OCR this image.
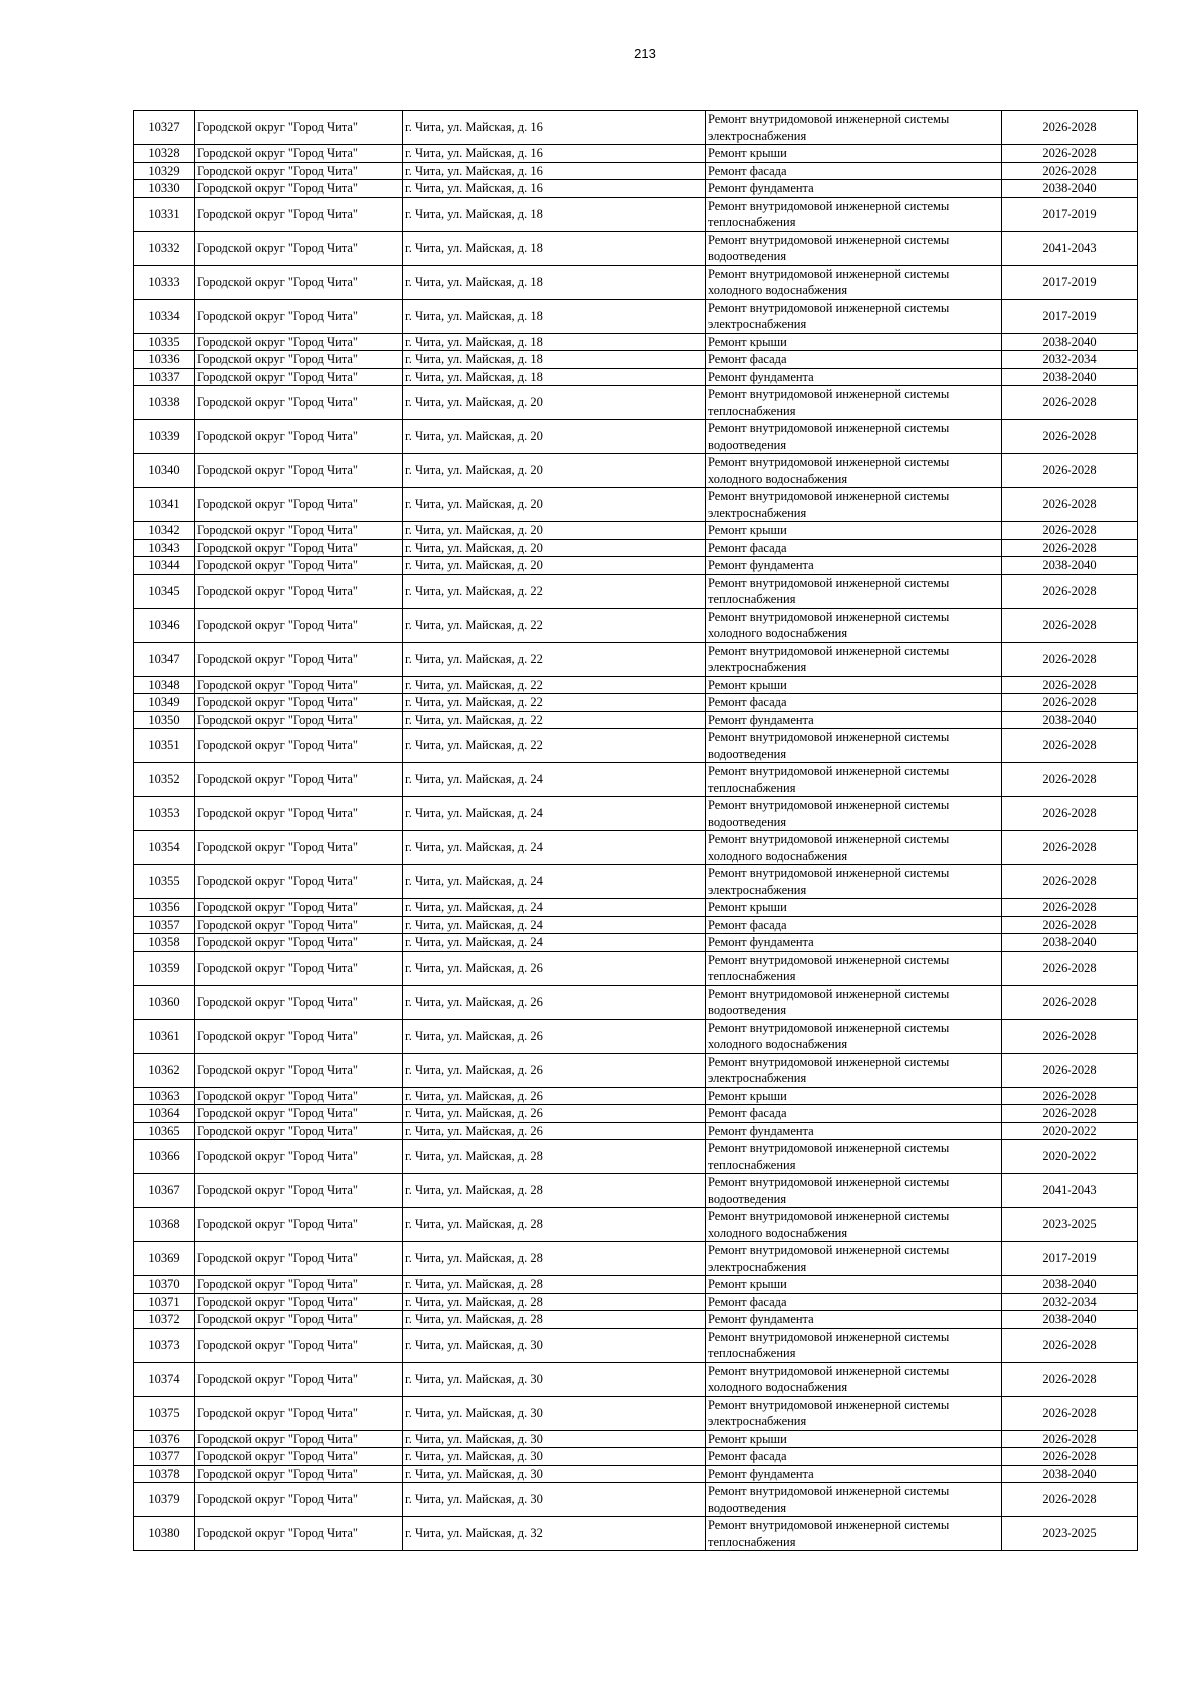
213
10327	Городской округ "Город Чита"	г. Чита, ул. Майская, д. 16	Ремонт внутридомовой инженерной системы
электроснабжения	2026-2028
10328	Городской округ "Город Чита"	г. Чита, ул. Майская, д. 16	Ремонт крыши	2026-2028
10329	Городской округ "Город Чита"	г. Чита, ул. Майская, д. 16	Ремонт фасада	2026-2028
10330	Городской округ "Город Чита"	г. Чита, ул. Майская, д. 16	Ремонт фундамента	2038-2040
10331	Городской округ "Город Чита"	г. Чита, ул. Майская, д. 18	Ремонт внутридомовой инженерной системы
теплоснабжения	2017-2019
10332	Городской округ "Город Чита"	г. Чита, ул. Майская, д. 18	Ремонт внутридомовой инженерной системы
водоотведения	2041-2043
10333	Городской округ "Город Чита"	г. Чита, ул. Майская, д. 18	Ремонт внутридомовой инженерной системы
холодного водоснабжения	2017-2019
10334	Городской округ "Город Чита"	г. Чита, ул. Майская, д. 18	Ремонт внутридомовой инженерной системы
электроснабжения	2017-2019
10335	Городской округ "Город Чита"	г. Чита, ул. Майская, д. 18	Ремонт крыши	2038-2040
10336	Городской округ "Город Чита"	г. Чита, ул. Майская, д. 18	Ремонт фасада	2032-2034
10337	Городской округ "Город Чита"	г. Чита, ул. Майская, д. 18	Ремонт фундамента	2038-2040
10338	Городской округ "Город Чита"	г. Чита, ул. Майская, д. 20	Ремонт внутридомовой инженерной системы
теплоснабжения	2026-2028
10339	Городской округ "Город Чита"	г. Чита, ул. Майская, д. 20	Ремонт внутридомовой инженерной системы
водоотведения	2026-2028
10340	Городской округ "Город Чита"	г. Чита, ул. Майская, д. 20	Ремонт внутридомовой инженерной системы
холодного водоснабжения	2026-2028
10341	Городской округ "Город Чита"	г. Чита, ул. Майская, д. 20	Ремонт внутридомовой инженерной системы
электроснабжения	2026-2028
10342	Городской округ "Город Чита"	г. Чита, ул. Майская, д. 20	Ремонт крыши	2026-2028
10343	Городской округ "Город Чита"	г. Чита, ул. Майская, д. 20	Ремонт фасада	2026-2028
10344	Городской округ "Город Чита"	г. Чита, ул. Майская, д. 20	Ремонт фундамента	2038-2040
10345	Городской округ "Город Чита"	г. Чита, ул. Майская, д. 22	Ремонт внутридомовой инженерной системы
теплоснабжения	2026-2028
10346	Городской округ "Город Чита"	г. Чита, ул. Майская, д. 22	Ремонт внутридомовой инженерной системы
холодного водоснабжения	2026-2028
10347	Городской округ "Город Чита"	г. Чита, ул. Майская, д. 22	Ремонт внутридомовой инженерной системы
электроснабжения	2026-2028
10348	Городской округ "Город Чита"	г. Чита, ул. Майская, д. 22	Ремонт крыши	2026-2028
10349	Городской округ "Город Чита"	г. Чита, ул. Майская, д. 22	Ремонт фасада	2026-2028
10350	Городской округ "Город Чита"	г. Чита, ул. Майская, д. 22	Ремонт фундамента	2038-2040
10351	Городской округ "Город Чита"	г. Чита, ул. Майская, д. 22	Ремонт внутридомовой инженерной системы
водоотведения	2026-2028
10352	Городской округ "Город Чита"	г. Чита, ул. Майская, д. 24	Ремонт внутридомовой инженерной системы
теплоснабжения	2026-2028
10353	Городской округ "Город Чита"	г. Чита, ул. Майская, д. 24	Ремонт внутридомовой инженерной системы
водоотведения	2026-2028
10354	Городской округ "Город Чита"	г. Чита, ул. Майская, д. 24	Ремонт внутридомовой инженерной системы
холодного водоснабжения	2026-2028
10355	Городской округ "Город Чита"	г. Чита, ул. Майская, д. 24	Ремонт внутридомовой инженерной системы
электроснабжения	2026-2028
10356	Городской округ "Город Чита"	г. Чита, ул. Майская, д. 24	Ремонт крыши	2026-2028
10357	Городской округ "Город Чита"	г. Чита, ул. Майская, д. 24	Ремонт фасада	2026-2028
10358	Городской округ "Город Чита"	г. Чита, ул. Майская, д. 24	Ремонт фундамента	2038-2040
10359	Городской округ "Город Чита"	г. Чита, ул. Майская, д. 26	Ремонт внутридомовой инженерной системы
теплоснабжения	2026-2028
10360	Городской округ "Город Чита"	г. Чита, ул. Майская, д. 26	Ремонт внутридомовой инженерной системы
водоотведения	2026-2028
10361	Городской округ "Город Чита"	г. Чита, ул. Майская, д. 26	Ремонт внутридомовой инженерной системы
холодного водоснабжения	2026-2028
10362	Городской округ "Город Чита"	г. Чита, ул. Майская, д. 26	Ремонт внутридомовой инженерной системы
электроснабжения	2026-2028
10363	Городской округ "Город Чита"	г. Чита, ул. Майская, д. 26	Ремонт крыши	2026-2028
10364	Городской округ "Город Чита"	г. Чита, ул. Майская, д. 26	Ремонт фасада	2026-2028
10365	Городской округ "Город Чита"	г. Чита, ул. Майская, д. 26	Ремонт фундамента	2020-2022
10366	Городской округ "Город Чита"	г. Чита, ул. Майская, д. 28	Ремонт внутридомовой инженерной системы
теплоснабжения	2020-2022
10367	Городской округ "Город Чита"	г. Чита, ул. Майская, д. 28	Ремонт внутридомовой инженерной системы
водоотведения	2041-2043
10368	Городской округ "Город Чита"	г. Чита, ул. Майская, д. 28	Ремонт внутридомовой инженерной системы
холодного водоснабжения	2023-2025
10369	Городской округ "Город Чита"	г. Чита, ул. Майская, д. 28	Ремонт внутридомовой инженерной системы
электроснабжения	2017-2019
10370	Городской округ "Город Чита"	г. Чита, ул. Майская, д. 28	Ремонт крыши	2038-2040
10371	Городской округ "Город Чита"	г. Чита, ул. Майская, д. 28	Ремонт фасада	2032-2034
10372	Городской округ "Город Чита"	г. Чита, ул. Майская, д. 28	Ремонт фундамента	2038-2040
10373	Городской округ "Город Чита"	г. Чита, ул. Майская, д. 30	Ремонт внутридомовой инженерной системы
теплоснабжения	2026-2028
10374	Городской округ "Город Чита"	г. Чита, ул. Майская, д. 30	Ремонт внутридомовой инженерной системы
холодного водоснабжения	2026-2028
10375	Городской округ "Город Чита"	г. Чита, ул. Майская, д. 30	Ремонт внутридомовой инженерной системы
электроснабжения	2026-2028
10376	Городской округ "Город Чита"	г. Чита, ул. Майская, д. 30	Ремонт крыши	2026-2028
10377	Городской округ "Город Чита"	г. Чита, ул. Майская, д. 30	Ремонт фасада	2026-2028
10378	Городской округ "Город Чита"	г. Чита, ул. Майская, д. 30	Ремонт фундамента	2038-2040
10379	Городской округ "Город Чита"	г. Чита, ул. Майская, д. 30	Ремонт внутридомовой инженерной системы
водоотведения	2026-2028
10380	Городской округ "Город Чита"	г. Чита, ул. Майская, д. 32	Ремонт внутридомовой инженерной системы
теплоснабжения	2023-2025
